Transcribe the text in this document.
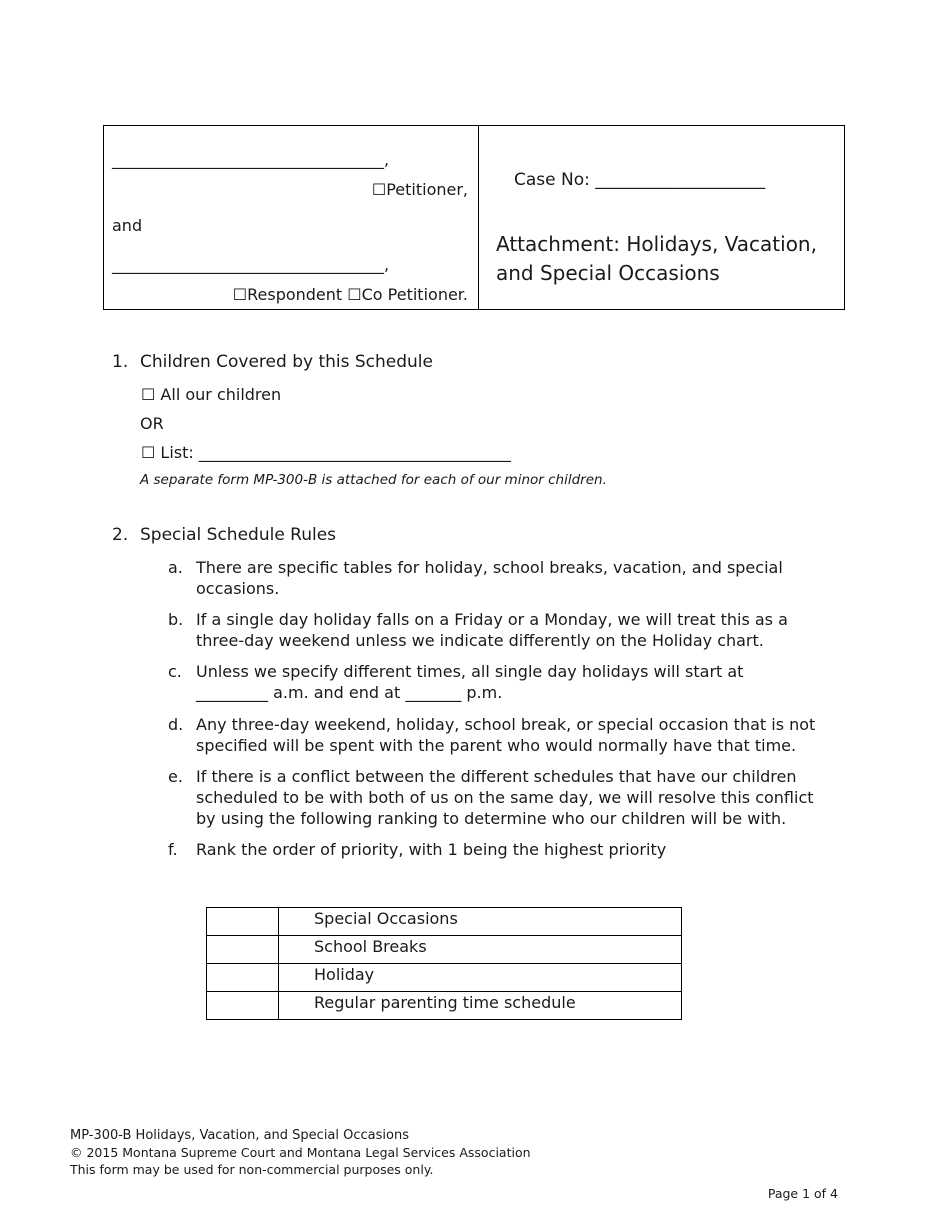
__________________________________,
☐Petitioner,
and
__________________________________,
☐Respondent ☐Co Petitioner.
Case No: ____________________
Attachment: Holidays, Vacation,
and Special Occasions
1. Children Covered by this Schedule
☐ All our children
OR
☐ List: _______________________________________
A separate form MP-300-B is attached for each of our minor children.
2. Special Schedule Rules
a. There are specific tables for holiday, school breaks, vacation, and special
occasions.
b. If a single day holiday falls on a Friday or a Monday, we will treat this as a
three-day weekend unless we indicate differently on the Holiday chart.
c. Unless we specify different times, all single day holidays will start at
_________ a.m. and end at _______ p.m.
d. Any three-day weekend, holiday, school break, or special occasion that is not
specified will be spent with the parent who would normally have that time.
e. If there is a conflict between the different schedules that have our children
scheduled to be with both of us on the same day, we will resolve this conflict
by using the following ranking to determine who our children will be with.
f. Rank the order of priority, with 1 being the highest priority
	Special Occasions
	School Breaks
	Holiday
	Regular parenting time schedule
MP-300-B Holidays, Vacation, and Special Occasions
© 2015 Montana Supreme Court and Montana Legal Services Association
This form may be used for non-commercial purposes only.
Page 1 of 4
